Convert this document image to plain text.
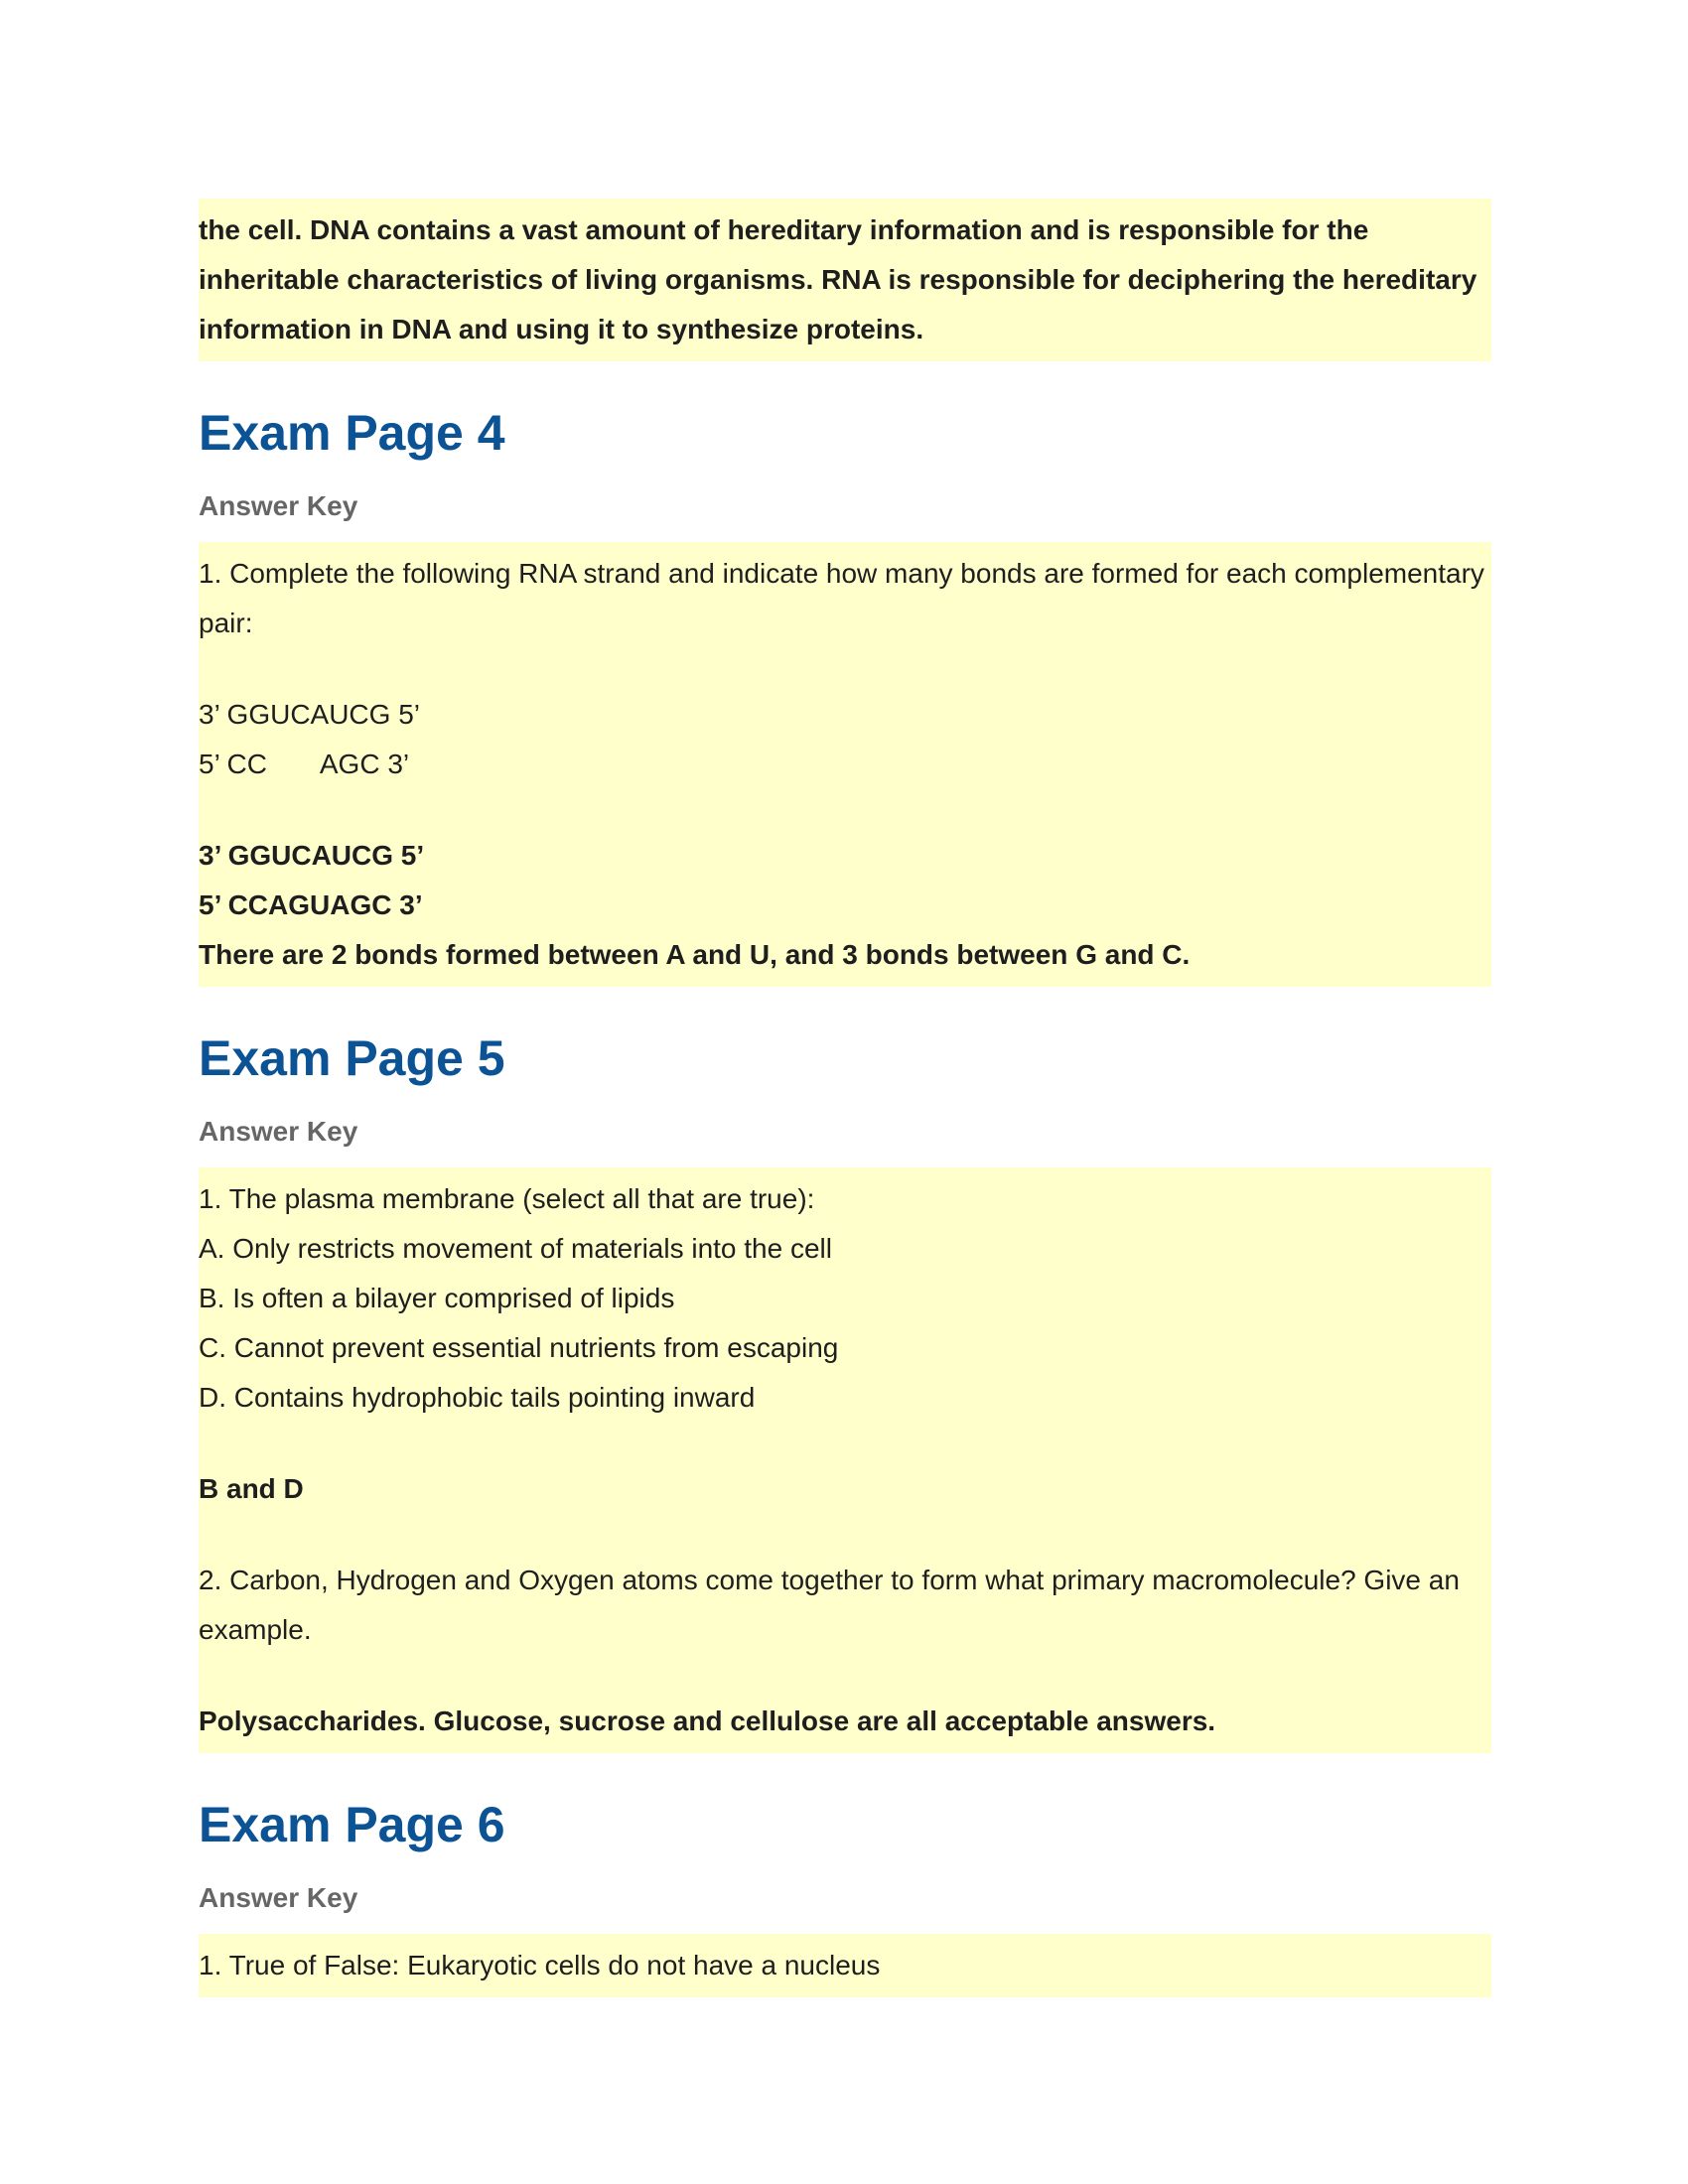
the cell. DNA contains a vast amount of hereditary information and is responsible for the inheritable characteristics of living organisms. RNA is responsible for deciphering the hereditary information in DNA and using it to synthesize proteins.

Exam Page 4
Answer Key

1. Complete the following RNA strand and indicate how many bonds are formed for each complementary pair:

3’ GGUCAUCG 5’

5’ CC       AGC 3’

3’ GGUCAUCG 5’

5’ CCAGUAGC 3’

There are 2 bonds formed between A and U, and 3 bonds between G and C.

Exam Page 5
Answer Key

1. The plasma membrane (select all that are true):

A. Only restricts movement of materials into the cell

B. Is often a bilayer comprised of lipids

C. Cannot prevent essential nutrients from escaping

D. Contains hydrophobic tails pointing inward

B and D

2. Carbon, Hydrogen and Oxygen atoms come together to form what primary macromolecule? Give an example.

Polysaccharides. Glucose, sucrose and cellulose are all acceptable answers.

Exam Page 6
Answer Key

1. True of False: Eukaryotic cells do not have a nucleus
